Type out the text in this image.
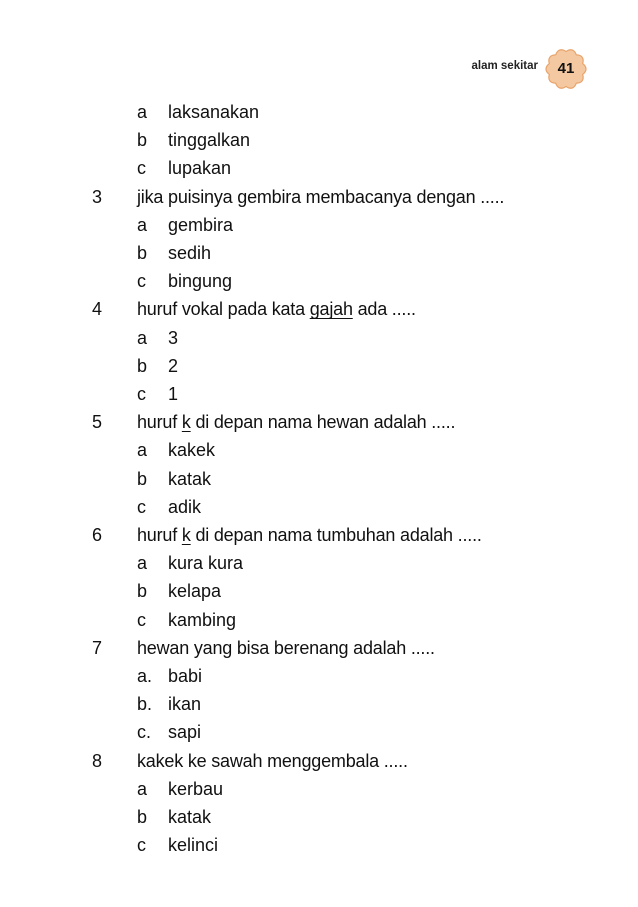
alam sekitar	41
a laksanakan
b tinggalkan
c lupakan
3 jika puisinya gembira membacanya dengan .....
a gembira
b sedih
c bingung
4 huruf vokal pada kata gajah ada .....
a 3
b 2
c 1
5 huruf k di depan nama hewan adalah .....
a kakek
b katak
c adik
6 huruf k di depan nama tumbuhan adalah .....
a kura kura
b kelapa
c kambing
7 hewan yang bisa berenang adalah .....
a. babi
b. ikan
c. sapi
8 kakek ke sawah menggembala .....
a kerbau
b katak
c kelinci
